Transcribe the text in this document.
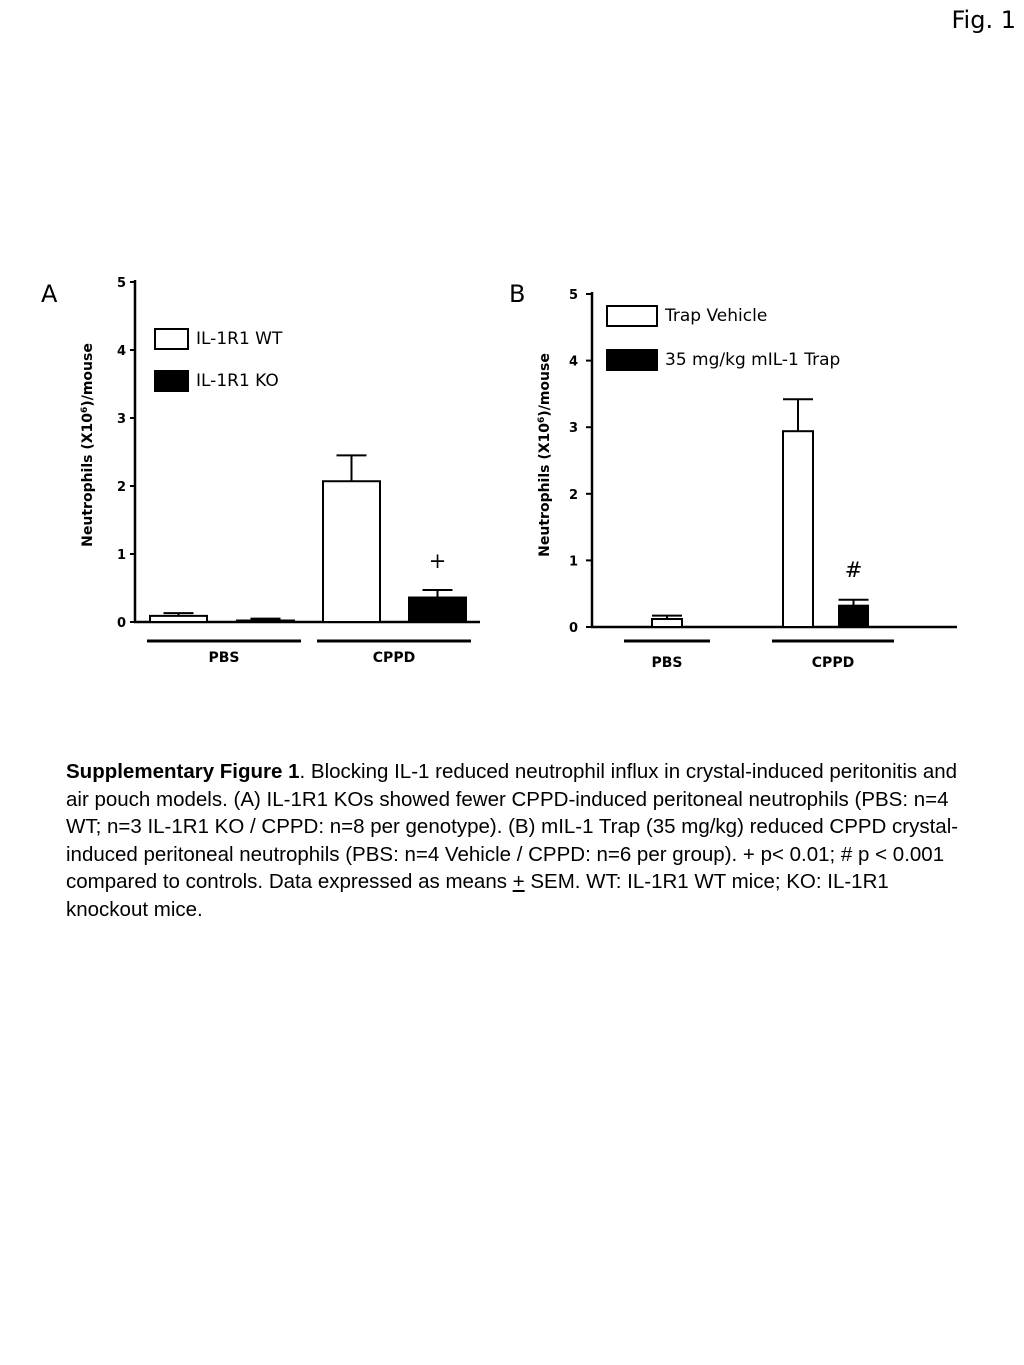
Fig. 1
A	B
0
1
2
3
4
5
Neutrophils $(X10^6)$/mouse
PBS	CPPD
IL-1R1 WT
IL-1R1 KO
+
0
1
2
3
4
5
Neutrophils $(X10^6)$/mouse
PBS	CPPD
Trap Vehicle
35 mg/kg mIL-1 Trap
#
Supplementary Figure 1. Blocking IL-1 reduced neutrophil influx in crystal-induced peritonitis and air pouch models. (A) IL-1R1 KOs showed fewer CPPD-induced peritoneal neutrophils (PBS: n=4 WT; n=3 IL-1R1 KO / CPPD: n=8 per genotype). (B) mIL-1 Trap (35 mg/kg) reduced CPPD crystal-induced peritoneal neutrophils (PBS: n=4 Vehicle / CPPD: n=6 per group). + p< 0.01; # p < 0.001 compared to controls. Data expressed as means + SEM. WT: IL-1R1 WT mice; KO: IL-1R1 knockout mice.
